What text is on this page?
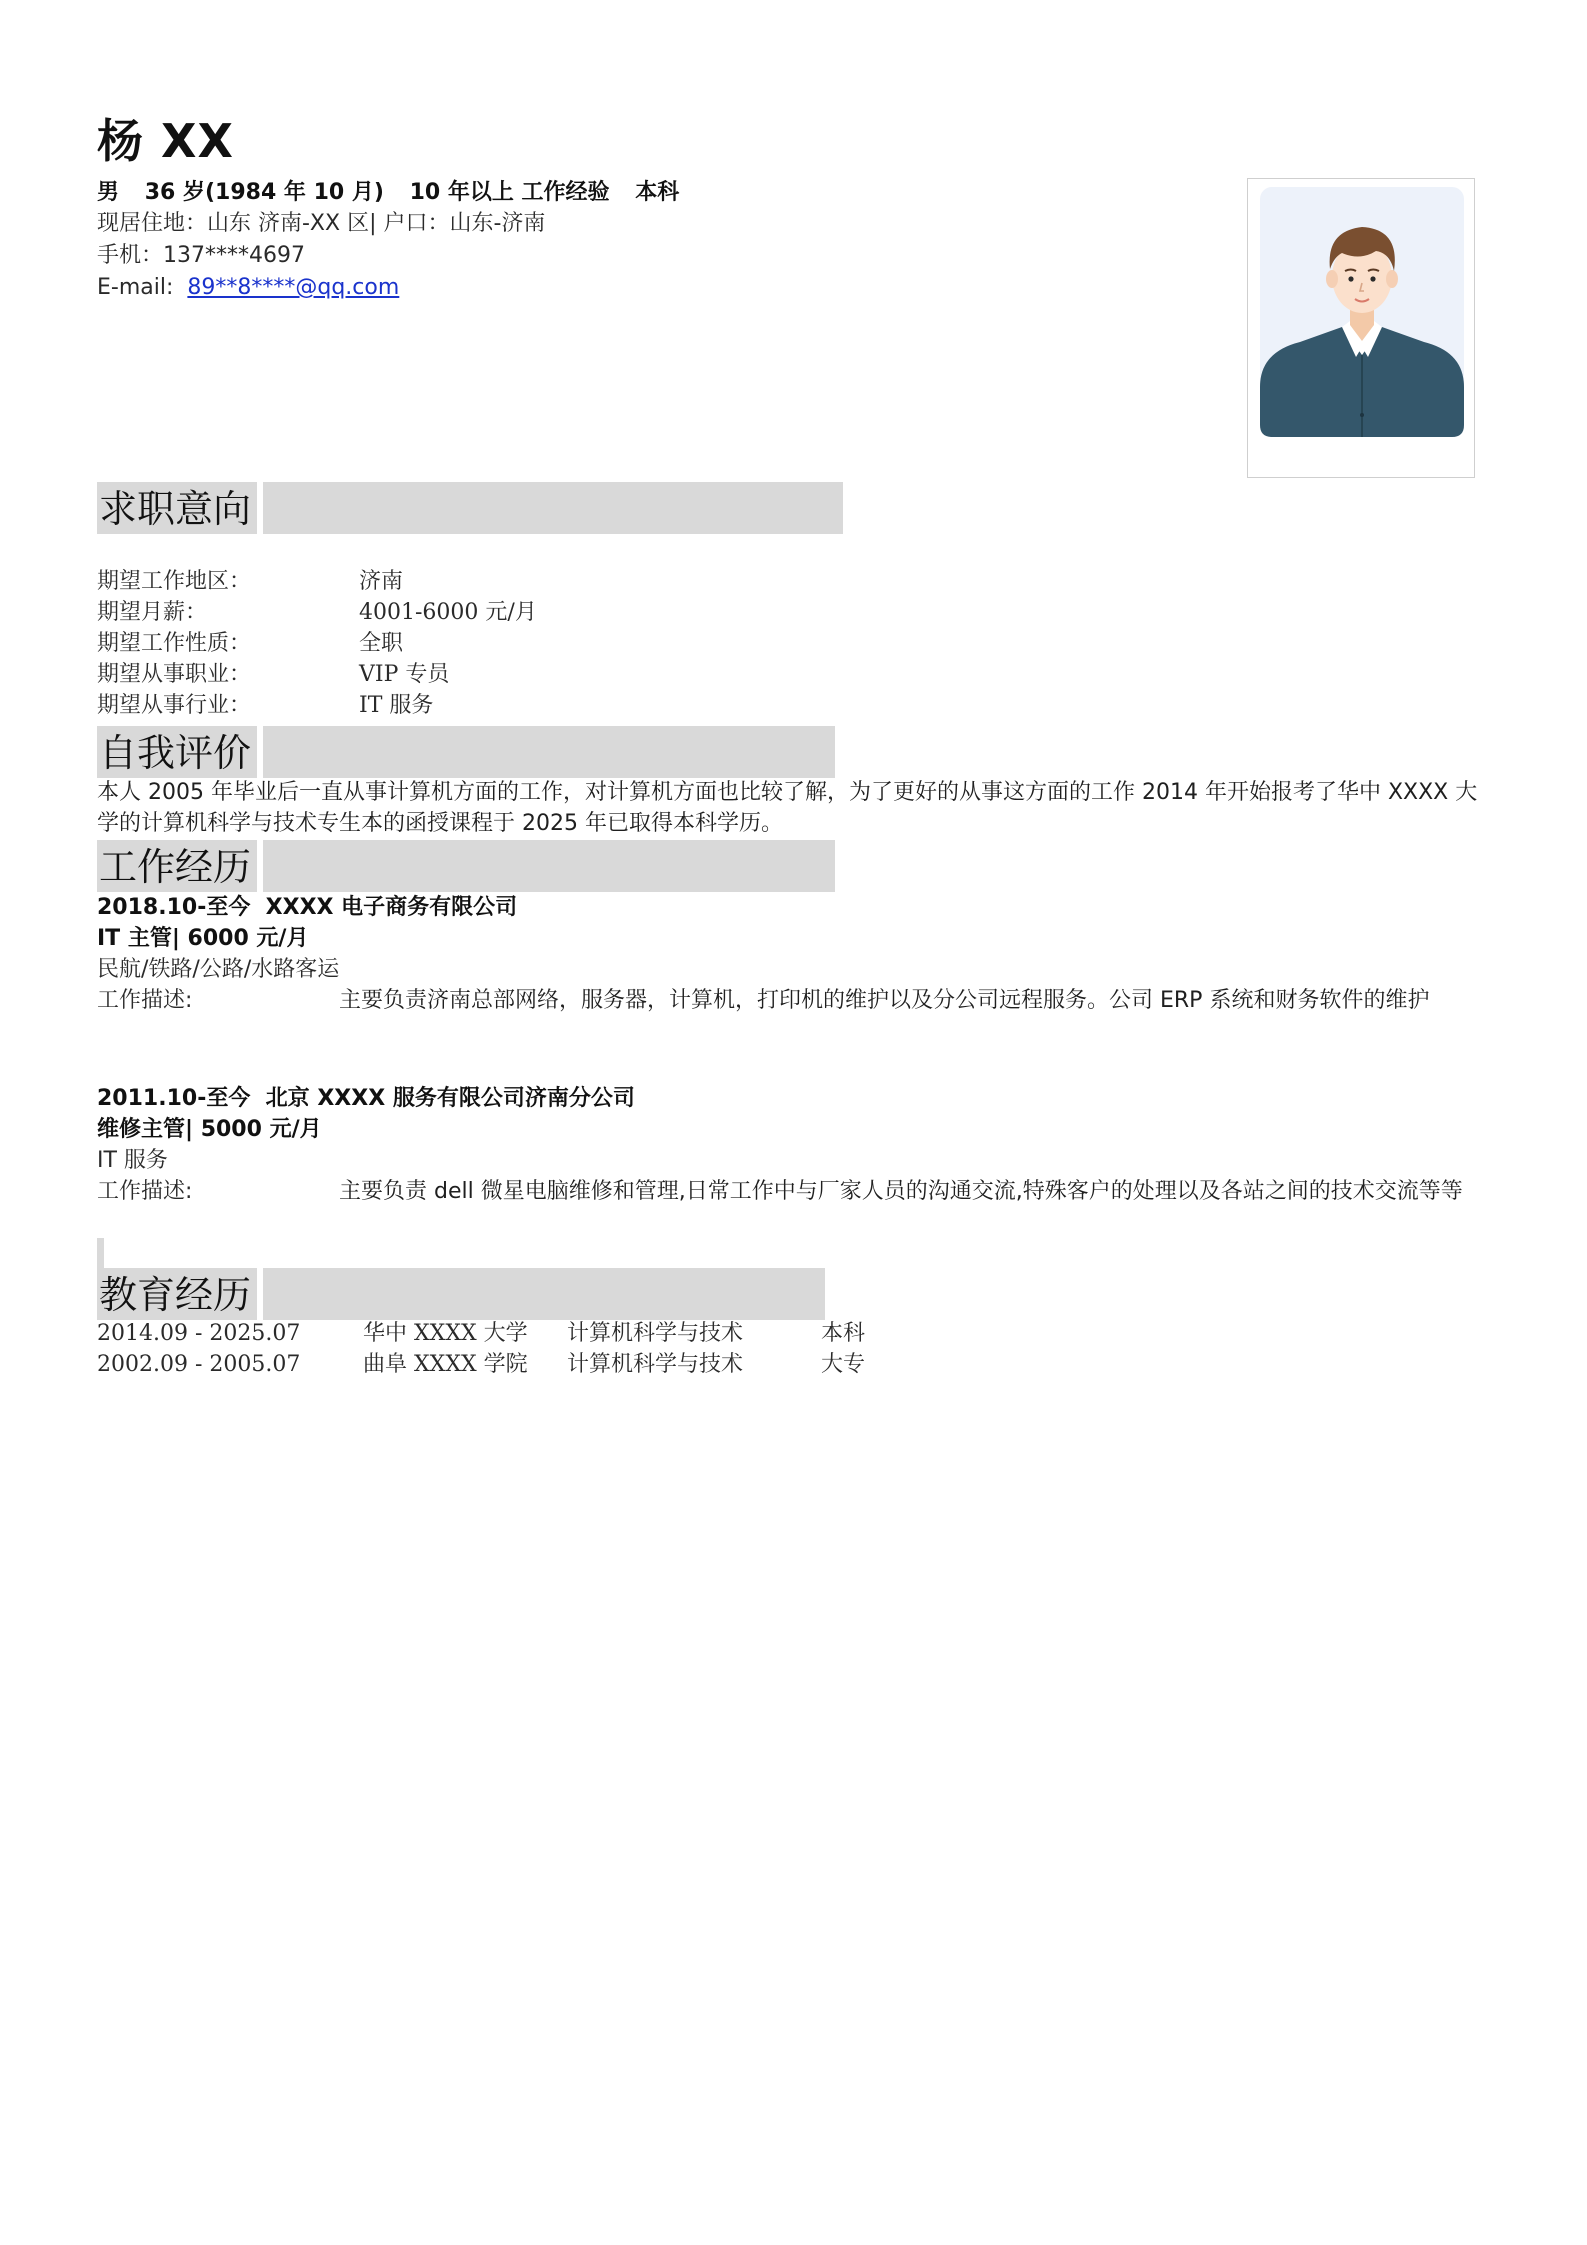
杨 XX
男 36 岁(1984 年 10 月) 10 年以上 工作经验 本科
现居住地：山东 济南-XX 区| 户口：山东-济南
手机：137****4697
E-mail: 89**8****@qq.com
求职意向
期望工作地区：	济南
期望月薪：	4001-6000 元/月
期望工作性质：	全职
期望从事职业：	VIP 专员
期望从事行业：	IT 服务
自我评价
本人 2005 年毕业后一直从事计算机方面的工作，对计算机方面也比较了解，为了更好的从事这方面的工作 2014 年开始报考了华中 XXXX 大学的计算机科学与技术专生本的函授课程于 2025 年已取得本科学历。
工作经历
2018.10-至今 XXXX 电子商务有限公司
IT 主管| 6000 元/月
民航/铁路/公路/水路客运
工作描述:	主要负责济南总部网络，服务器，计算机，打印机的维护以及分公司远程服务。公司 ERP 系统和财务软件的维护
2011.10-至今 北京 XXXX 服务有限公司济南分公司
维修主管| 5000 元/月
IT 服务
工作描述:	主要负责 dell 微星电脑维修和管理,日常工作中与厂家人员的沟通交流,特殊客户的处理以及各站之间的技术交流等等
教育经历
2014.09 - 2025.07	华中 XXXX 大学 计算机科学与技术	本科
2002.09 - 2005.07	曲阜 XXXX 学院 计算机科学与技术	大专
